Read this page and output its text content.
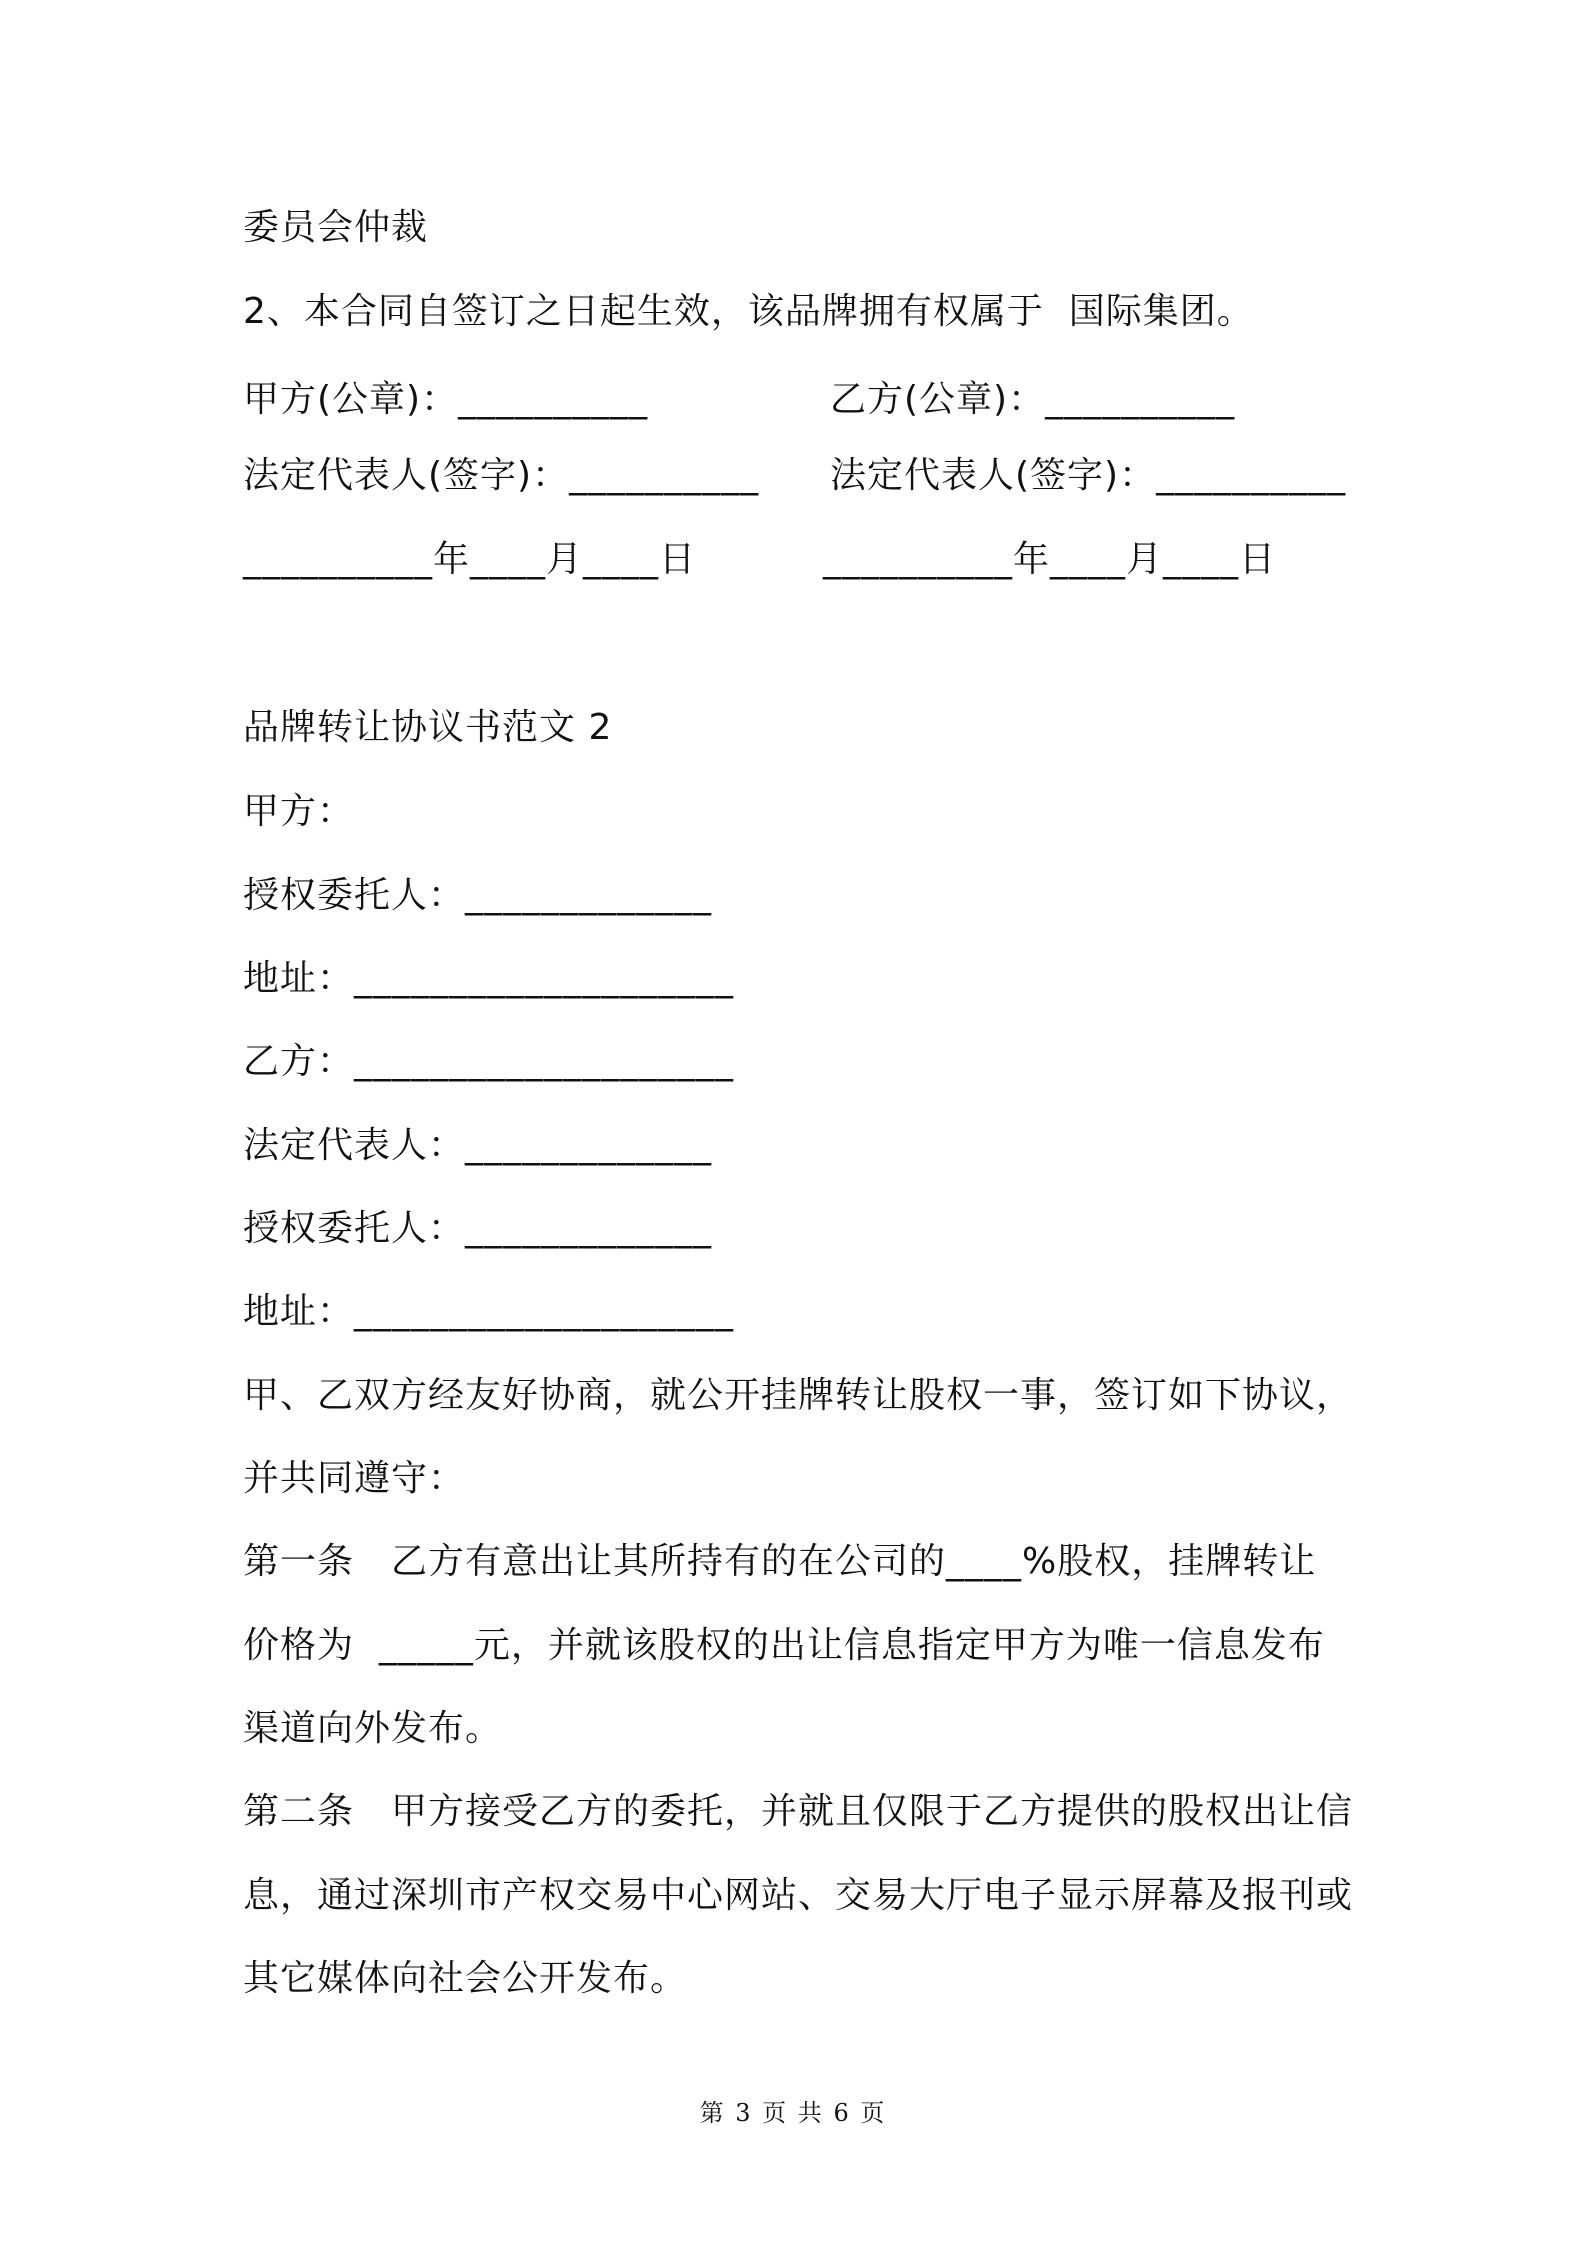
委员会仲裁
2、本合同自签订之日起生效，该品牌拥有权属于  国际集团。
甲方(公章)：__________	乙方(公章)：__________
法定代表人(签字)：__________ 法定代表人(签字)：__________
__________年____月____日	__________年____月____日
品牌转让协议书范文 2
甲方：
授权委托人：_____________
地址：____________________
乙方：____________________
法定代表人：_____________
授权委托人：_____________
地址：____________________
甲、乙双方经友好协商，就公开挂牌转让股权一事，签订如下协议，
并共同遵守：
第一条　乙方有意出让其所持有的在公司的____%股权，挂牌转让
价格为  _____元，并就该股权的出让信息指定甲方为唯一信息发布
渠道向外发布。
第二条　甲方接受乙方的委托，并就且仅限于乙方提供的股权出让信
息，通过深圳市产权交易中心网站、交易大厅电子显示屏幕及报刊或
其它媒体向社会公开发布。
第 3 页 共 6 页
